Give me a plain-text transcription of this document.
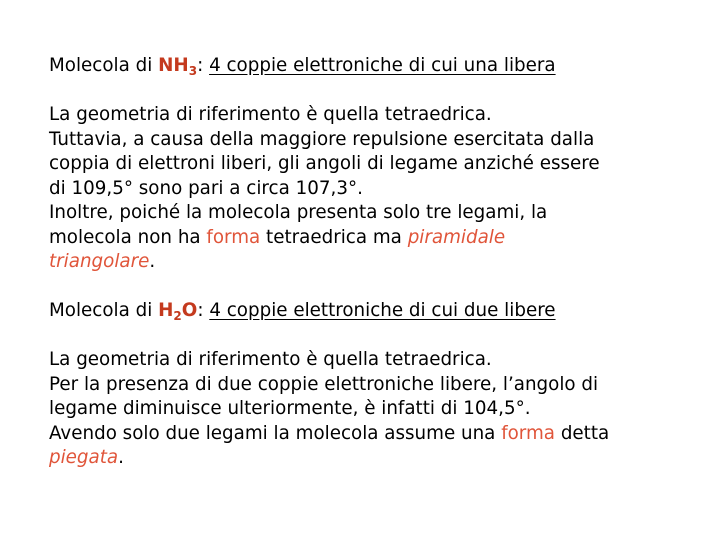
Molecola di $NH_3$: 4 coppie elettroniche di cui una libera
La geometria di riferimento è quella tetraedrica.
Tuttavia, a causa della maggiore repulsione esercitata dalla
coppia di elettroni liberi, gli angoli di legame anziché essere
di 109,5° sono pari a circa 107,3°.
Inoltre, poiché la molecola presenta solo tre legami, la
molecola non ha forma tetraedrica ma piramidale
triangolare.
Molecola di $H_2O$: 4 coppie elettroniche di cui due libere
La geometria di riferimento è quella tetraedrica.
Per la presenza di due coppie elettroniche libere, l’angolo di
legame diminuisce ulteriormente, è infatti di 104,5°.
Avendo solo due legami la molecola assume una forma detta
piegata.
